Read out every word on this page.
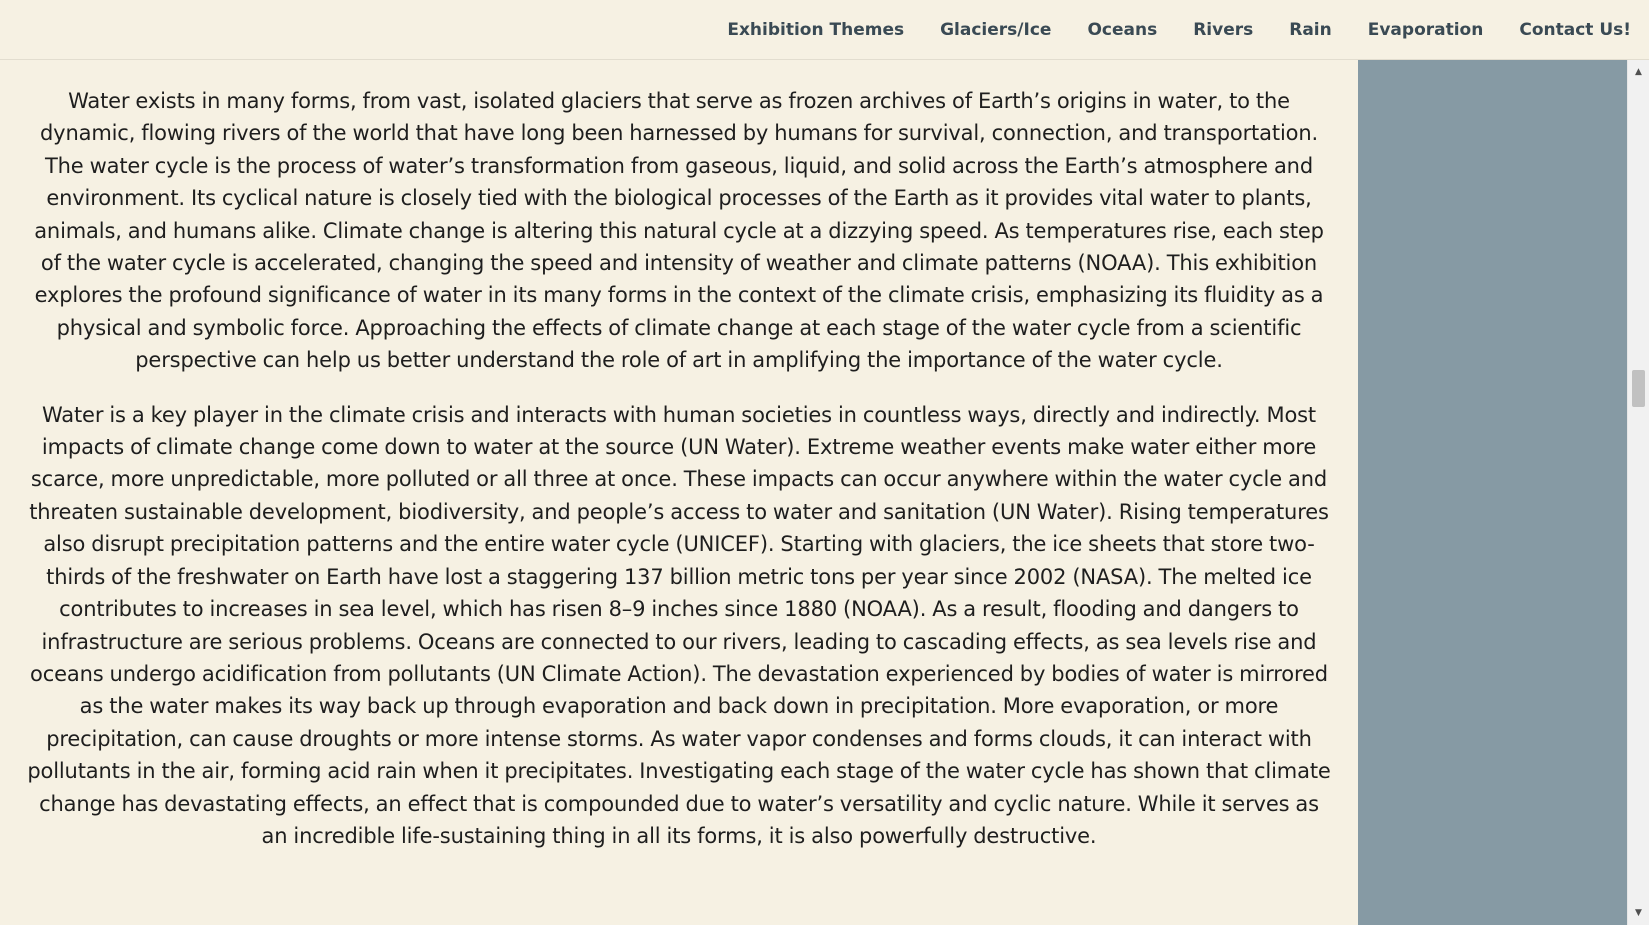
Exhibition Themes Glaciers/Ice Oceans Rivers Rain Evaporation Contact Us!

Water exists in many forms, from vast, isolated glaciers that serve as frozen archives of Earth’s origins in water, to the dynamic, flowing rivers of the world that have long been harnessed by humans for survival, connection, and transportation. The water cycle is the process of water’s transformation from gaseous, liquid, and solid across the Earth’s atmosphere and environment. Its cyclical nature is closely tied with the biological processes of the Earth as it provides vital water to plants, animals, and humans alike. Climate change is altering this natural cycle at a dizzying speed. As temperatures rise, each step of the water cycle is accelerated, changing the speed and intensity of weather and climate patterns (NOAA). This exhibition explores the profound significance of water in its many forms in the context of the climate crisis, emphasizing its fluidity as a physical and symbolic force. Approaching the effects of climate change at each stage of the water cycle from a scientific perspective can help us better understand the role of art in amplifying the importance of the water cycle.

Water is a key player in the climate crisis and interacts with human societies in countless ways, directly and indirectly. Most impacts of climate change come down to water at the source (UN Water). Extreme weather events make water either more scarce, more unpredictable, more polluted or all three at once. These impacts can occur anywhere within the water cycle and threaten sustainable development, biodiversity, and people’s access to water and sanitation (UN Water). Rising temperatures also disrupt precipitation patterns and the entire water cycle (UNICEF). Starting with glaciers, the ice sheets that store two-thirds of the freshwater on Earth have lost a staggering 137 billion metric tons per year since 2002 (NASA). The melted ice contributes to increases in sea level, which has risen 8–9 inches since 1880 (NOAA). As a result, flooding and dangers to infrastructure are serious problems. Oceans are connected to our rivers, leading to cascading effects, as sea levels rise and oceans undergo acidification from pollutants (UN Climate Action). The devastation experienced by bodies of water is mirrored as the water makes its way back up through evaporation and back down in precipitation. More evaporation, or more precipitation, can cause droughts or more intense storms. As water vapor condenses and forms clouds, it can interact with pollutants in the air, forming acid rain when it precipitates. Investigating each stage of the water cycle has shown that climate change has devastating effects, an effect that is compounded due to water’s versatility and cyclic nature. While it serves as an incredible life-sustaining thing in all its forms, it is also powerfully destructive.

▲
▼
